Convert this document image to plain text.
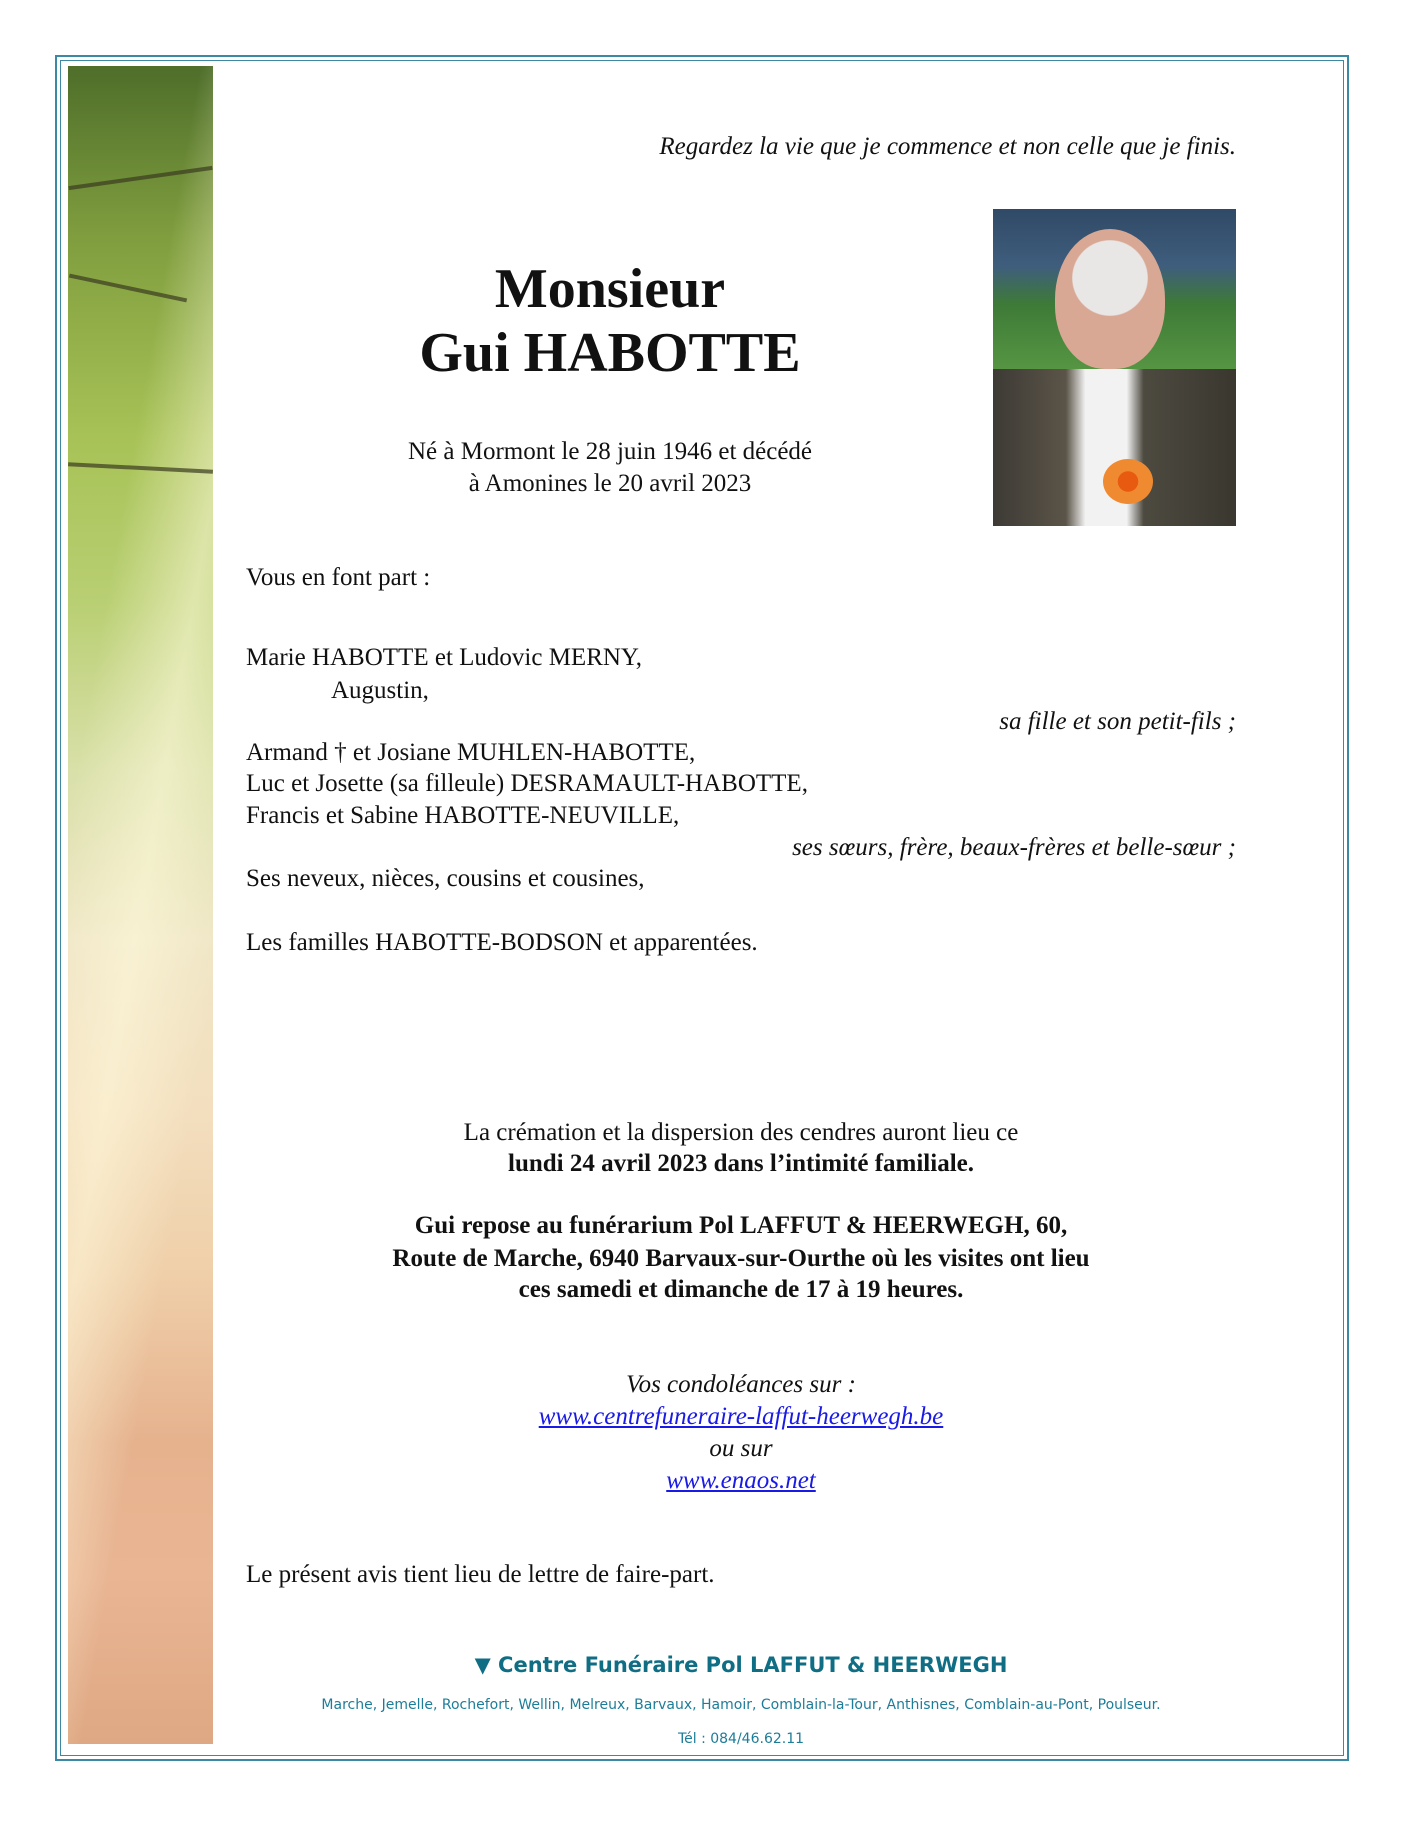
Regardez la vie que je commence et non celle que je finis.
Monsieur
Gui HABOTTE
Né à Mormont le 28 juin 1946 et décédé
à Amonines le 20 avril 2023
Vous en font part :
Marie HABOTTE et Ludovic MERNY,
Augustin,
sa fille et son petit-fils ;
Armand † et Josiane MUHLEN-HABOTTE,
Luc et Josette (sa filleule) DESRAMAULT-HABOTTE,
Francis et Sabine HABOTTE-NEUVILLE,
ses sœurs, frère, beaux-frères et belle-sœur ;
Ses neveux, nièces, cousins et cousines,
Les familles HABOTTE-BODSON et apparentées.
La crémation et la dispersion des cendres auront lieu ce
lundi 24 avril 2023 dans l’intimité familiale.
Gui repose au funérarium Pol LAFFUT & HEERWEGH, 60,
Route de Marche, 6940 Barvaux-sur-Ourthe où les visites ont lieu
ces samedi et dimanche de 17 à 19 heures.
Vos condoléances sur :
www.centrefuneraire-laffut-heerwegh.be
ou sur
www.enaos.net
Le présent avis tient lieu de lettre de faire-part.
▼ Centre Funéraire Pol LAFFUT & HEERWEGH
Marche, Jemelle, Rochefort, Wellin, Melreux, Barvaux, Hamoir, Comblain-la-Tour, Anthisnes, Comblain-au-Pont, Poulseur.
Tél : 084/46.62.11
